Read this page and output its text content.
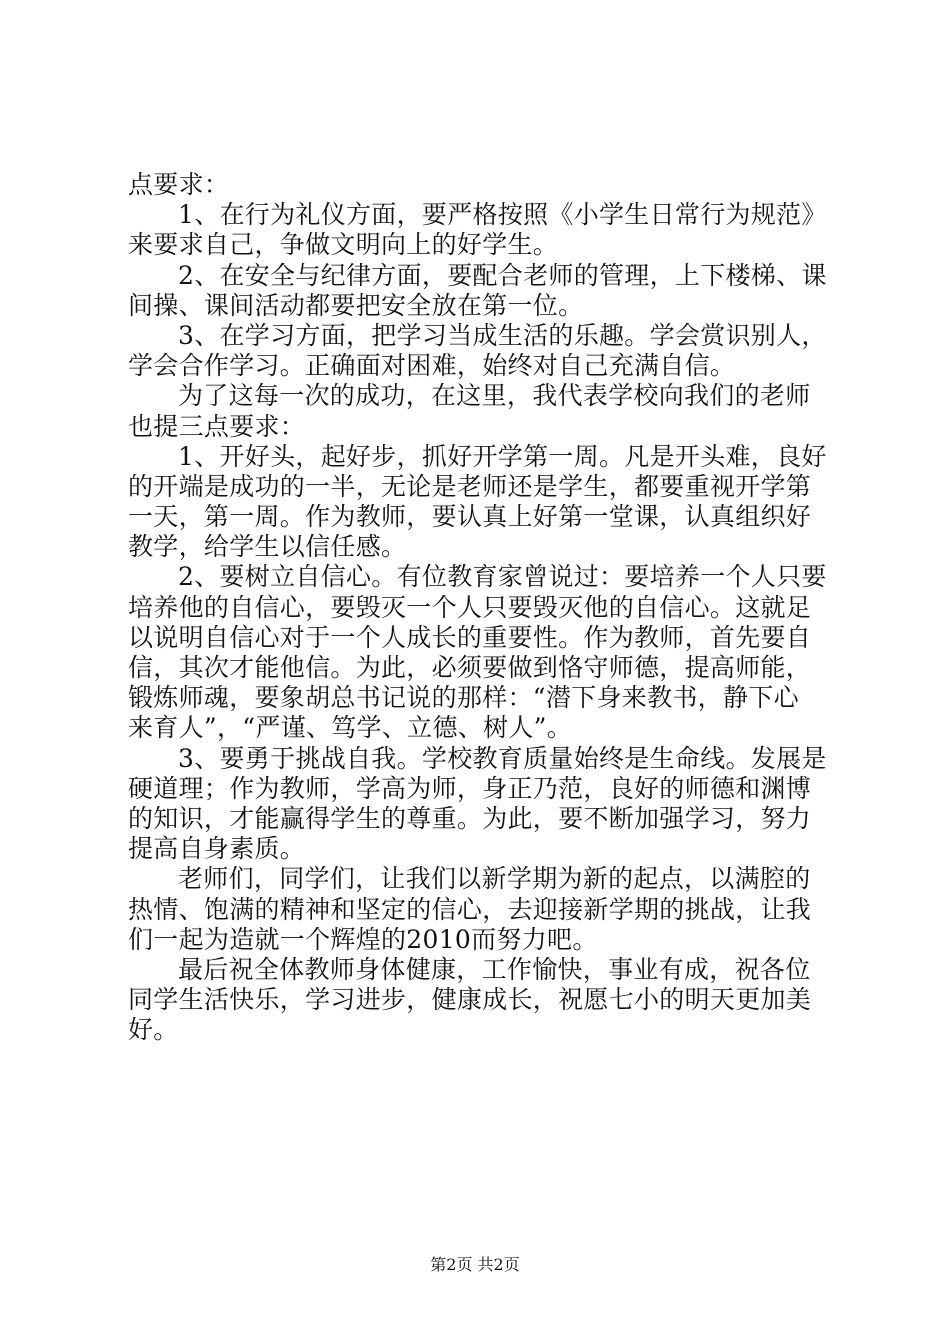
点要求：
1、在行为礼仪方面，要严格按照《小学生日常行为规范》
来要求自己，争做文明向上的好学生。
2、在安全与纪律方面，要配合老师的管理，上下楼梯、课
间操、课间活动都要把安全放在第一位。
3、在学习方面，把学习当成生活的乐趣。学会赏识别人，
学会合作学习。正确面对困难，始终对自己充满自信。
为了这每一次的成功，在这里，我代表学校向我们的老师
也提三点要求：
1、开好头，起好步，抓好开学第一周。凡是开头难，良好
的开端是成功的一半，无论是老师还是学生，都要重视开学第
一天，第一周。作为教师，要认真上好第一堂课，认真组织好
教学，给学生以信任感。
2、要树立自信心。有位教育家曾说过：要培养一个人只要
培养他的自信心，要毁灭一个人只要毁灭他的自信心。这就足
以说明自信心对于一个人成长的重要性。作为教师，首先要自
信，其次才能他信。为此，必须要做到恪守师德，提高师能，
锻炼师魂，要象胡总书记说的那样：“潜下身来教书，静下心
来育人”，“严谨、笃学、立德、树人”。
3、要勇于挑战自我。学校教育质量始终是生命线。发展是
硬道理；作为教师，学高为师，身正乃范，良好的师德和渊博
的知识，才能赢得学生的尊重。为此，要不断加强学习，努力
提高自身素质。
老师们，同学们，让我们以新学期为新的起点，以满腔的
热情、饱满的精神和坚定的信心，去迎接新学期的挑战，让我
们一起为造就一个辉煌的2010而努力吧。
最后祝全体教师身体健康，工作愉快，事业有成，祝各位
同学生活快乐，学习进步，健康成长，祝愿七小的明天更加美
好。
第2页 共2页
